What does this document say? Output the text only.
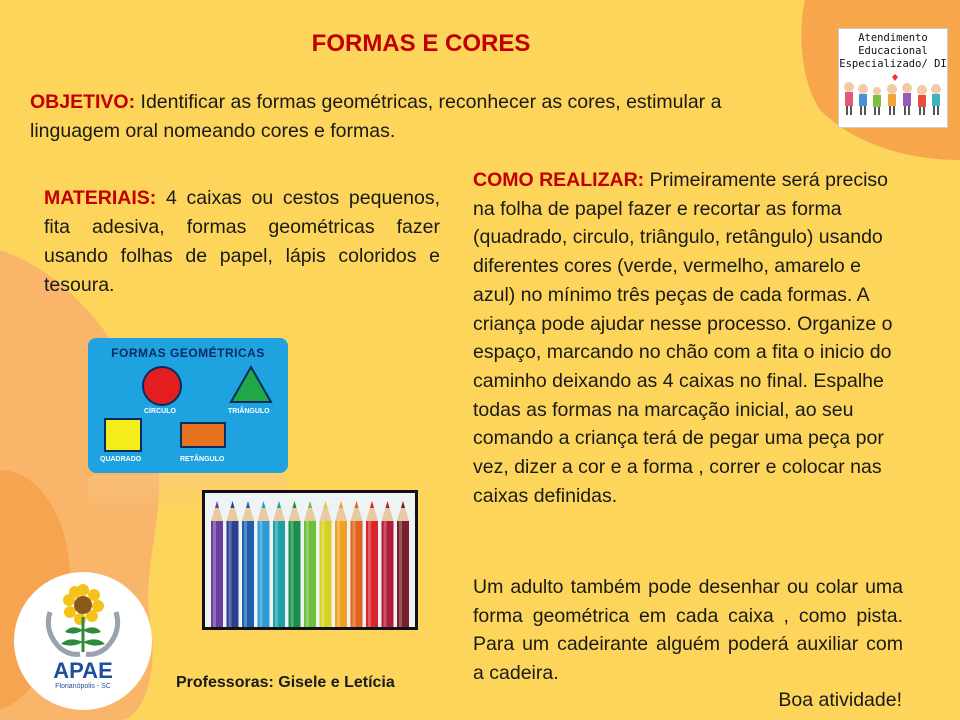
FORMAS E CORES
OBJETIVO: Identificar as formas geométricas, reconhecer as cores, estimular a linguagem oral nomeando cores e formas.
MATERIAIS: 4 caixas ou cestos pequenos, fita adesiva, formas geométricas fazer usando folhas de papel, lápis coloridos e tesoura.
COMO REALIZAR: Primeiramente será preciso na folha de papel fazer e recortar as forma (quadrado, circulo, triângulo, retângulo) usando diferentes cores (verde, vermelho, amarelo e azul) no mínimo três peças de cada formas. A criança pode ajudar nesse processo. Organize o espaço, marcando no chão com a fita o inicio do caminho deixando as 4 caixas no final. Espalhe todas as formas na marcação inicial, ao seu comando a criança terá de pegar uma peça por vez, dizer a cor e a forma , correr e colocar nas caixas definidas.
Um adulto também pode desenhar ou colar uma forma geométrica em cada caixa , como pista. Para um cadeirante alguém poderá auxiliar com a cadeira.
Boa atividade!
Professoras: Gisele e Letícia
Atendimento
Educacional
Especializado/ DI
FORMAS GEOMÉTRICAS
CÍRCULO	TRIÂNGULO
QUADRADO	RETÂNGULO
APAE
Florianópolis - SC
